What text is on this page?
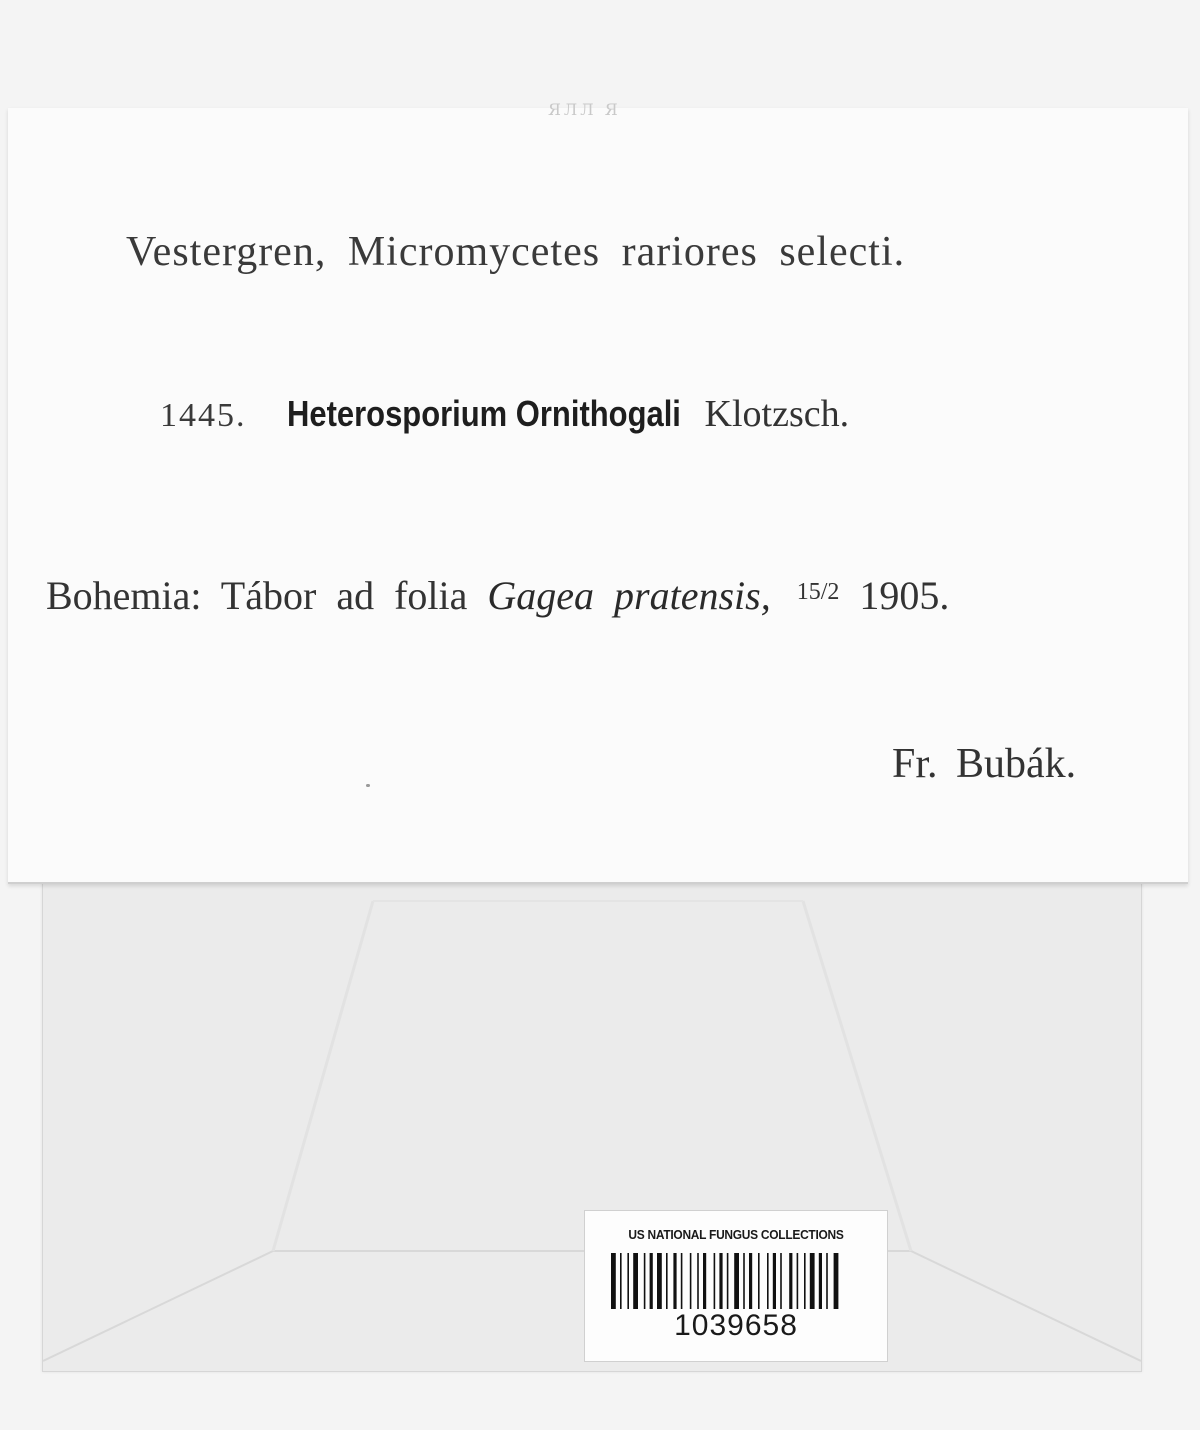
ЯЛЛ Я
Vestergren, Micromycetes rariores selecti.
1445. Heterosporium Ornithogali Klotzsch.
Bohemia: Tábor ad folia Gagea pratensis, $^{15/2}$ 1905.
Fr. Bubák.
US NATIONAL FUNGUS COLLECTIONS
1039658
